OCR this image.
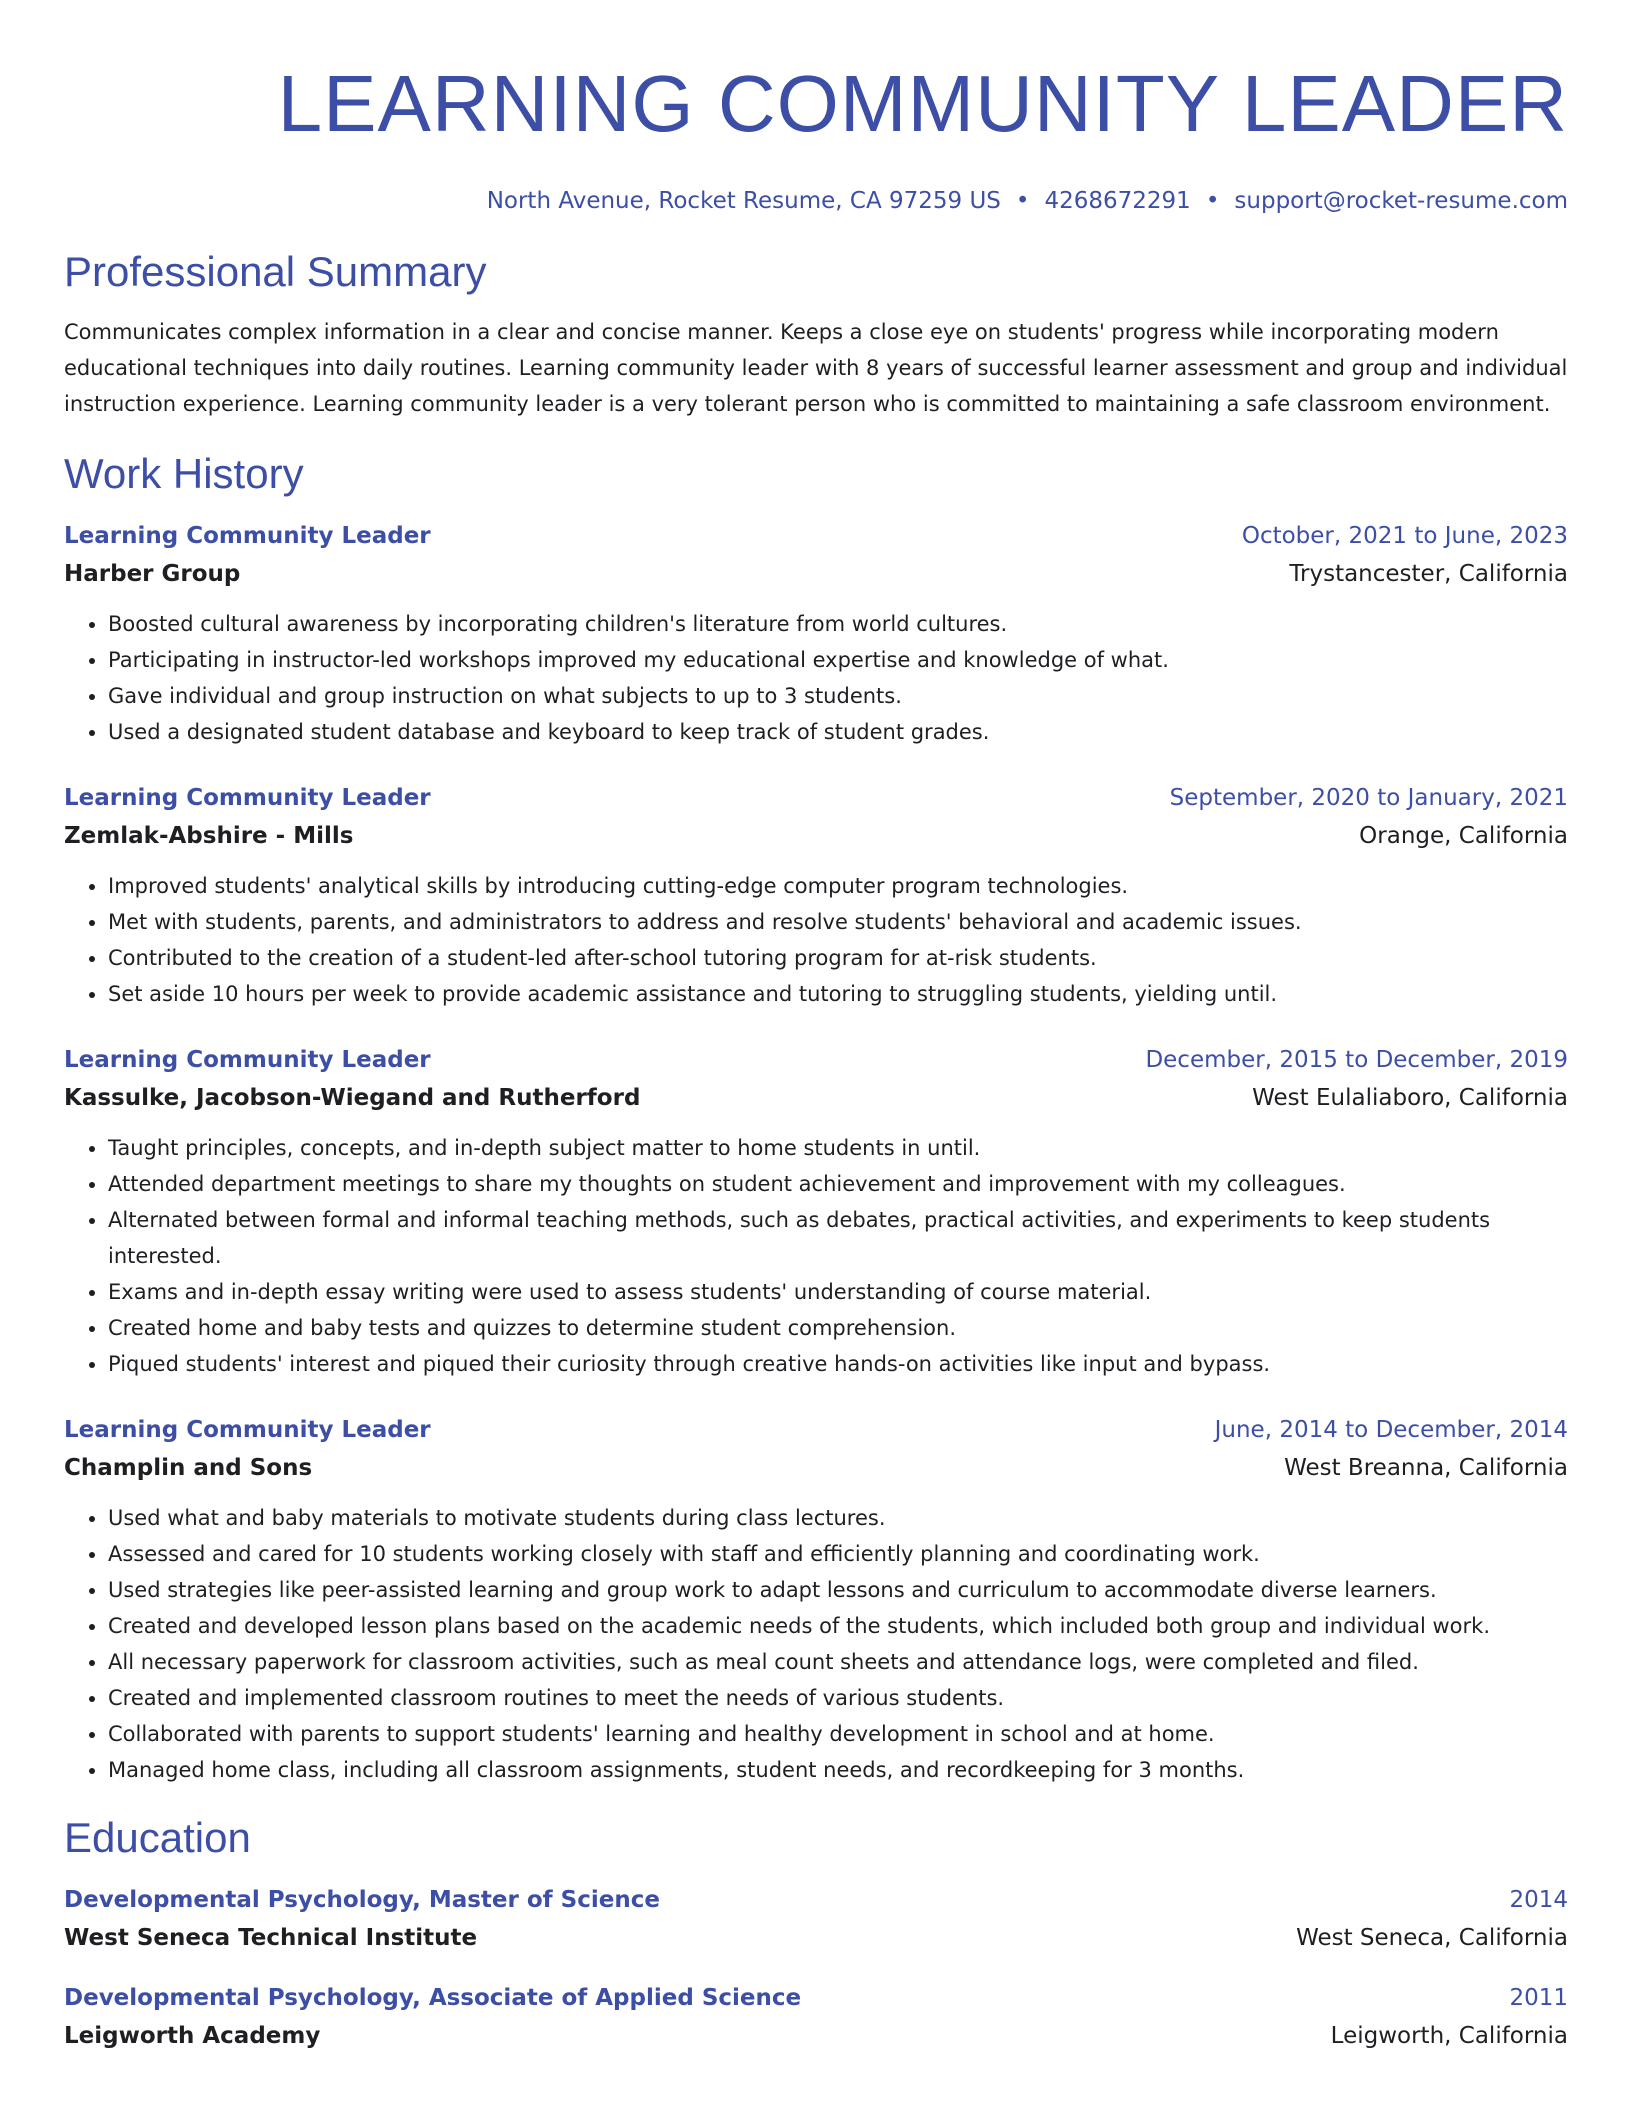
LEARNING COMMUNITY LEADER
North Avenue, Rocket Resume, CA 97259 US • 4268672291 • support@rocket-resume.com
Professional Summary
Communicates complex information in a clear and concise manner. Keeps a close eye on students' progress while incorporating modern educational techniques into daily routines. Learning community leader with 8 years of successful learner assessment and group and individual instruction experience. Learning community leader is a very tolerant person who is committed to maintaining a safe classroom environment.
Work History
Learning Community Leader	October, 2021 to June, 2023
Harber Group	Trystancester, California
• Boosted cultural awareness by incorporating children's literature from world cultures.
• Participating in instructor-led workshops improved my educational expertise and knowledge of what.
• Gave individual and group instruction on what subjects to up to 3 students.
• Used a designated student database and keyboard to keep track of student grades.
Learning Community Leader	September, 2020 to January, 2021
Zemlak-Abshire - Mills	Orange, California
• Improved students' analytical skills by introducing cutting-edge computer program technologies.
• Met with students, parents, and administrators to address and resolve students' behavioral and academic issues.
• Contributed to the creation of a student-led after-school tutoring program for at-risk students.
• Set aside 10 hours per week to provide academic assistance and tutoring to struggling students, yielding until.
Learning Community Leader	December, 2015 to December, 2019
Kassulke, Jacobson-Wiegand and Rutherford	West Eulaliaboro, California
• Taught principles, concepts, and in-depth subject matter to home students in until.
• Attended department meetings to share my thoughts on student achievement and improvement with my colleagues.
• Alternated between formal and informal teaching methods, such as debates, practical activities, and experiments to keep students interested.
• Exams and in-depth essay writing were used to assess students' understanding of course material.
• Created home and baby tests and quizzes to determine student comprehension.
• Piqued students' interest and piqued their curiosity through creative hands-on activities like input and bypass.
Learning Community Leader	June, 2014 to December, 2014
Champlin and Sons	West Breanna, California
• Used what and baby materials to motivate students during class lectures.
• Assessed and cared for 10 students working closely with staff and efficiently planning and coordinating work.
• Used strategies like peer-assisted learning and group work to adapt lessons and curriculum to accommodate diverse learners.
• Created and developed lesson plans based on the academic needs of the students, which included both group and individual work.
• All necessary paperwork for classroom activities, such as meal count sheets and attendance logs, were completed and filed.
• Created and implemented classroom routines to meet the needs of various students.
• Collaborated with parents to support students' learning and healthy development in school and at home.
• Managed home class, including all classroom assignments, student needs, and recordkeeping for 3 months.
Education
Developmental Psychology, Master of Science	2014
West Seneca Technical Institute	West Seneca, California
Developmental Psychology, Associate of Applied Science	2011
Leigworth Academy	Leigworth, California
